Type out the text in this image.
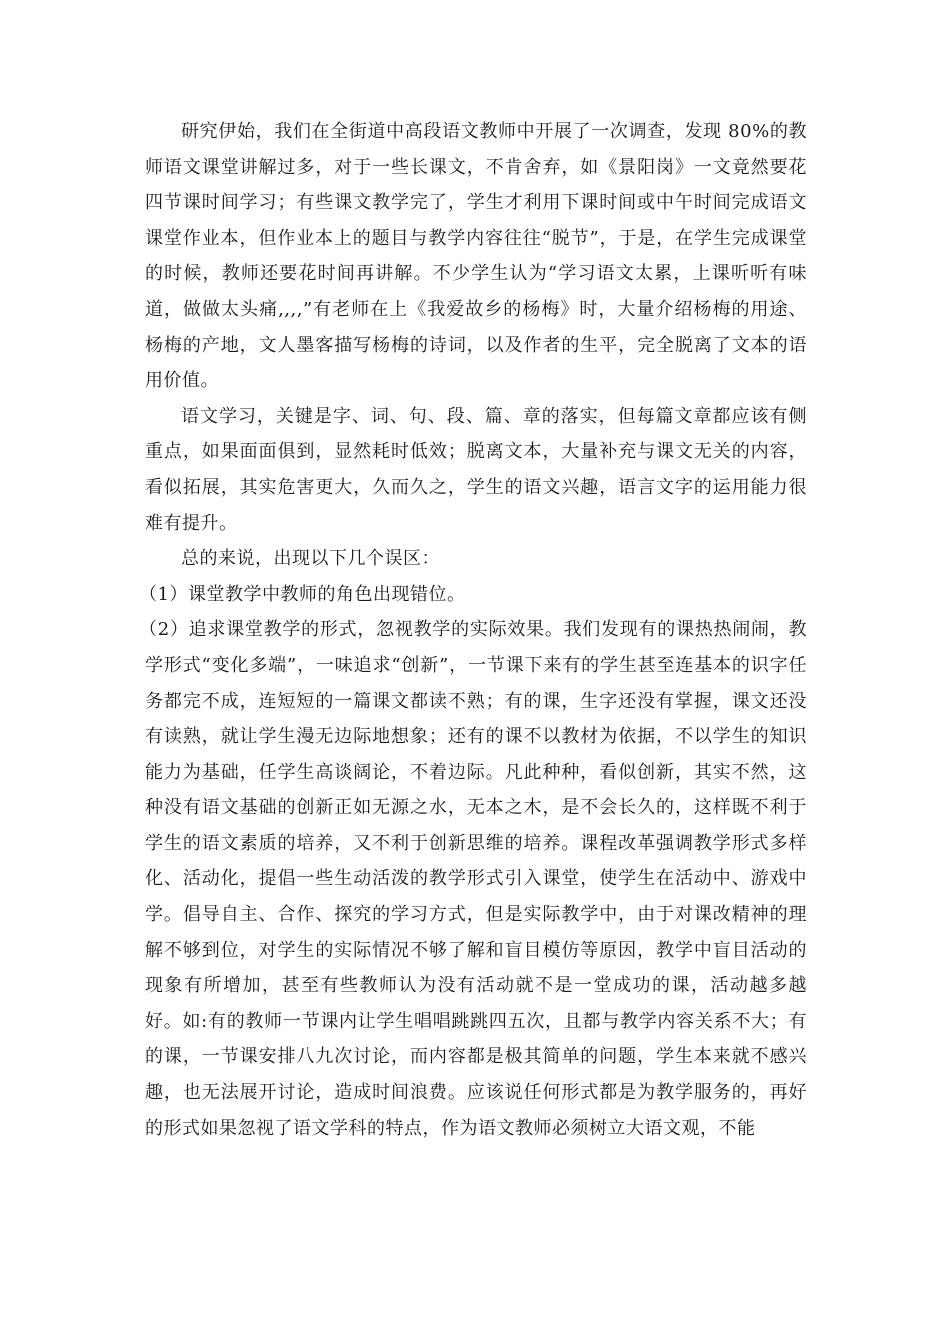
研究伊始，我们在全街道中高段语文教师中开展了一次调查，发现 80%的教师语文课堂讲解过多，对于一些长课文，不肯舍弃，如《景阳岗》一文竟然要花四节课时间学习；有些课文教学完了，学生才利用下课时间或中午时间完成语文课堂作业本，但作业本上的题目与教学内容往往“脱节”，于是，在学生完成课堂的时候，教师还要花时间再讲解。不少学生认为“学习语文太累，上课听听有味道，做做太头痛,,,,”有老师在上《我爱故乡的杨梅》时，大量介绍杨梅的用途、杨梅的产地，文人墨客描写杨梅的诗词，以及作者的生平，完全脱离了文本的语用价值。

语文学习，关键是字、词、句、段、篇、章的落实，但每篇文章都应该有侧重点，如果面面俱到，显然耗时低效；脱离文本，大量补充与课文无关的内容，看似拓展，其实危害更大，久而久之，学生的语文兴趣，语言文字的运用能力很难有提升。

总的来说，出现以下几个误区：

（1）课堂教学中教师的角色出现错位。

（2）追求课堂教学的形式，忽视教学的实际效果。我们发现有的课热热闹闹，教学形式“变化多端”，一味追求“创新”，一节课下来有的学生甚至连基本的识字任务都完不成，连短短的一篇课文都读不熟；有的课，生字还没有掌握，课文还没有读熟，就让学生漫无边际地想象；还有的课不以教材为依据，不以学生的知识能力为基础，任学生高谈阔论，不着边际。凡此种种，看似创新，其实不然，这种没有语文基础的创新正如无源之水，无本之木，是不会长久的，这样既不利于学生的语文素质的培养，又不利于创新思维的培养。课程改革强调教学形式多样化、活动化，提倡一些生动活泼的教学形式引入课堂，使学生在活动中、游戏中学。倡导自主、合作、探究的学习方式，但是实际教学中，由于对课改精神的理解不够到位，对学生的实际情况不够了解和盲目模仿等原因，教学中盲目活动的现象有所增加，甚至有些教师认为没有活动就不是一堂成功的课，活动越多越好。如:有的教师一节课内让学生唱唱跳跳四五次，且都与教学内容关系不大；有的课，一节课安排八九次讨论，而内容都是极其简单的问题，学生本来就不感兴趣，也无法展开讨论，造成时间浪费。应该说任何形式都是为教学服务的，再好的形式如果忽视了语文学科的特点，作为语文教师必须树立大语文观，不能
